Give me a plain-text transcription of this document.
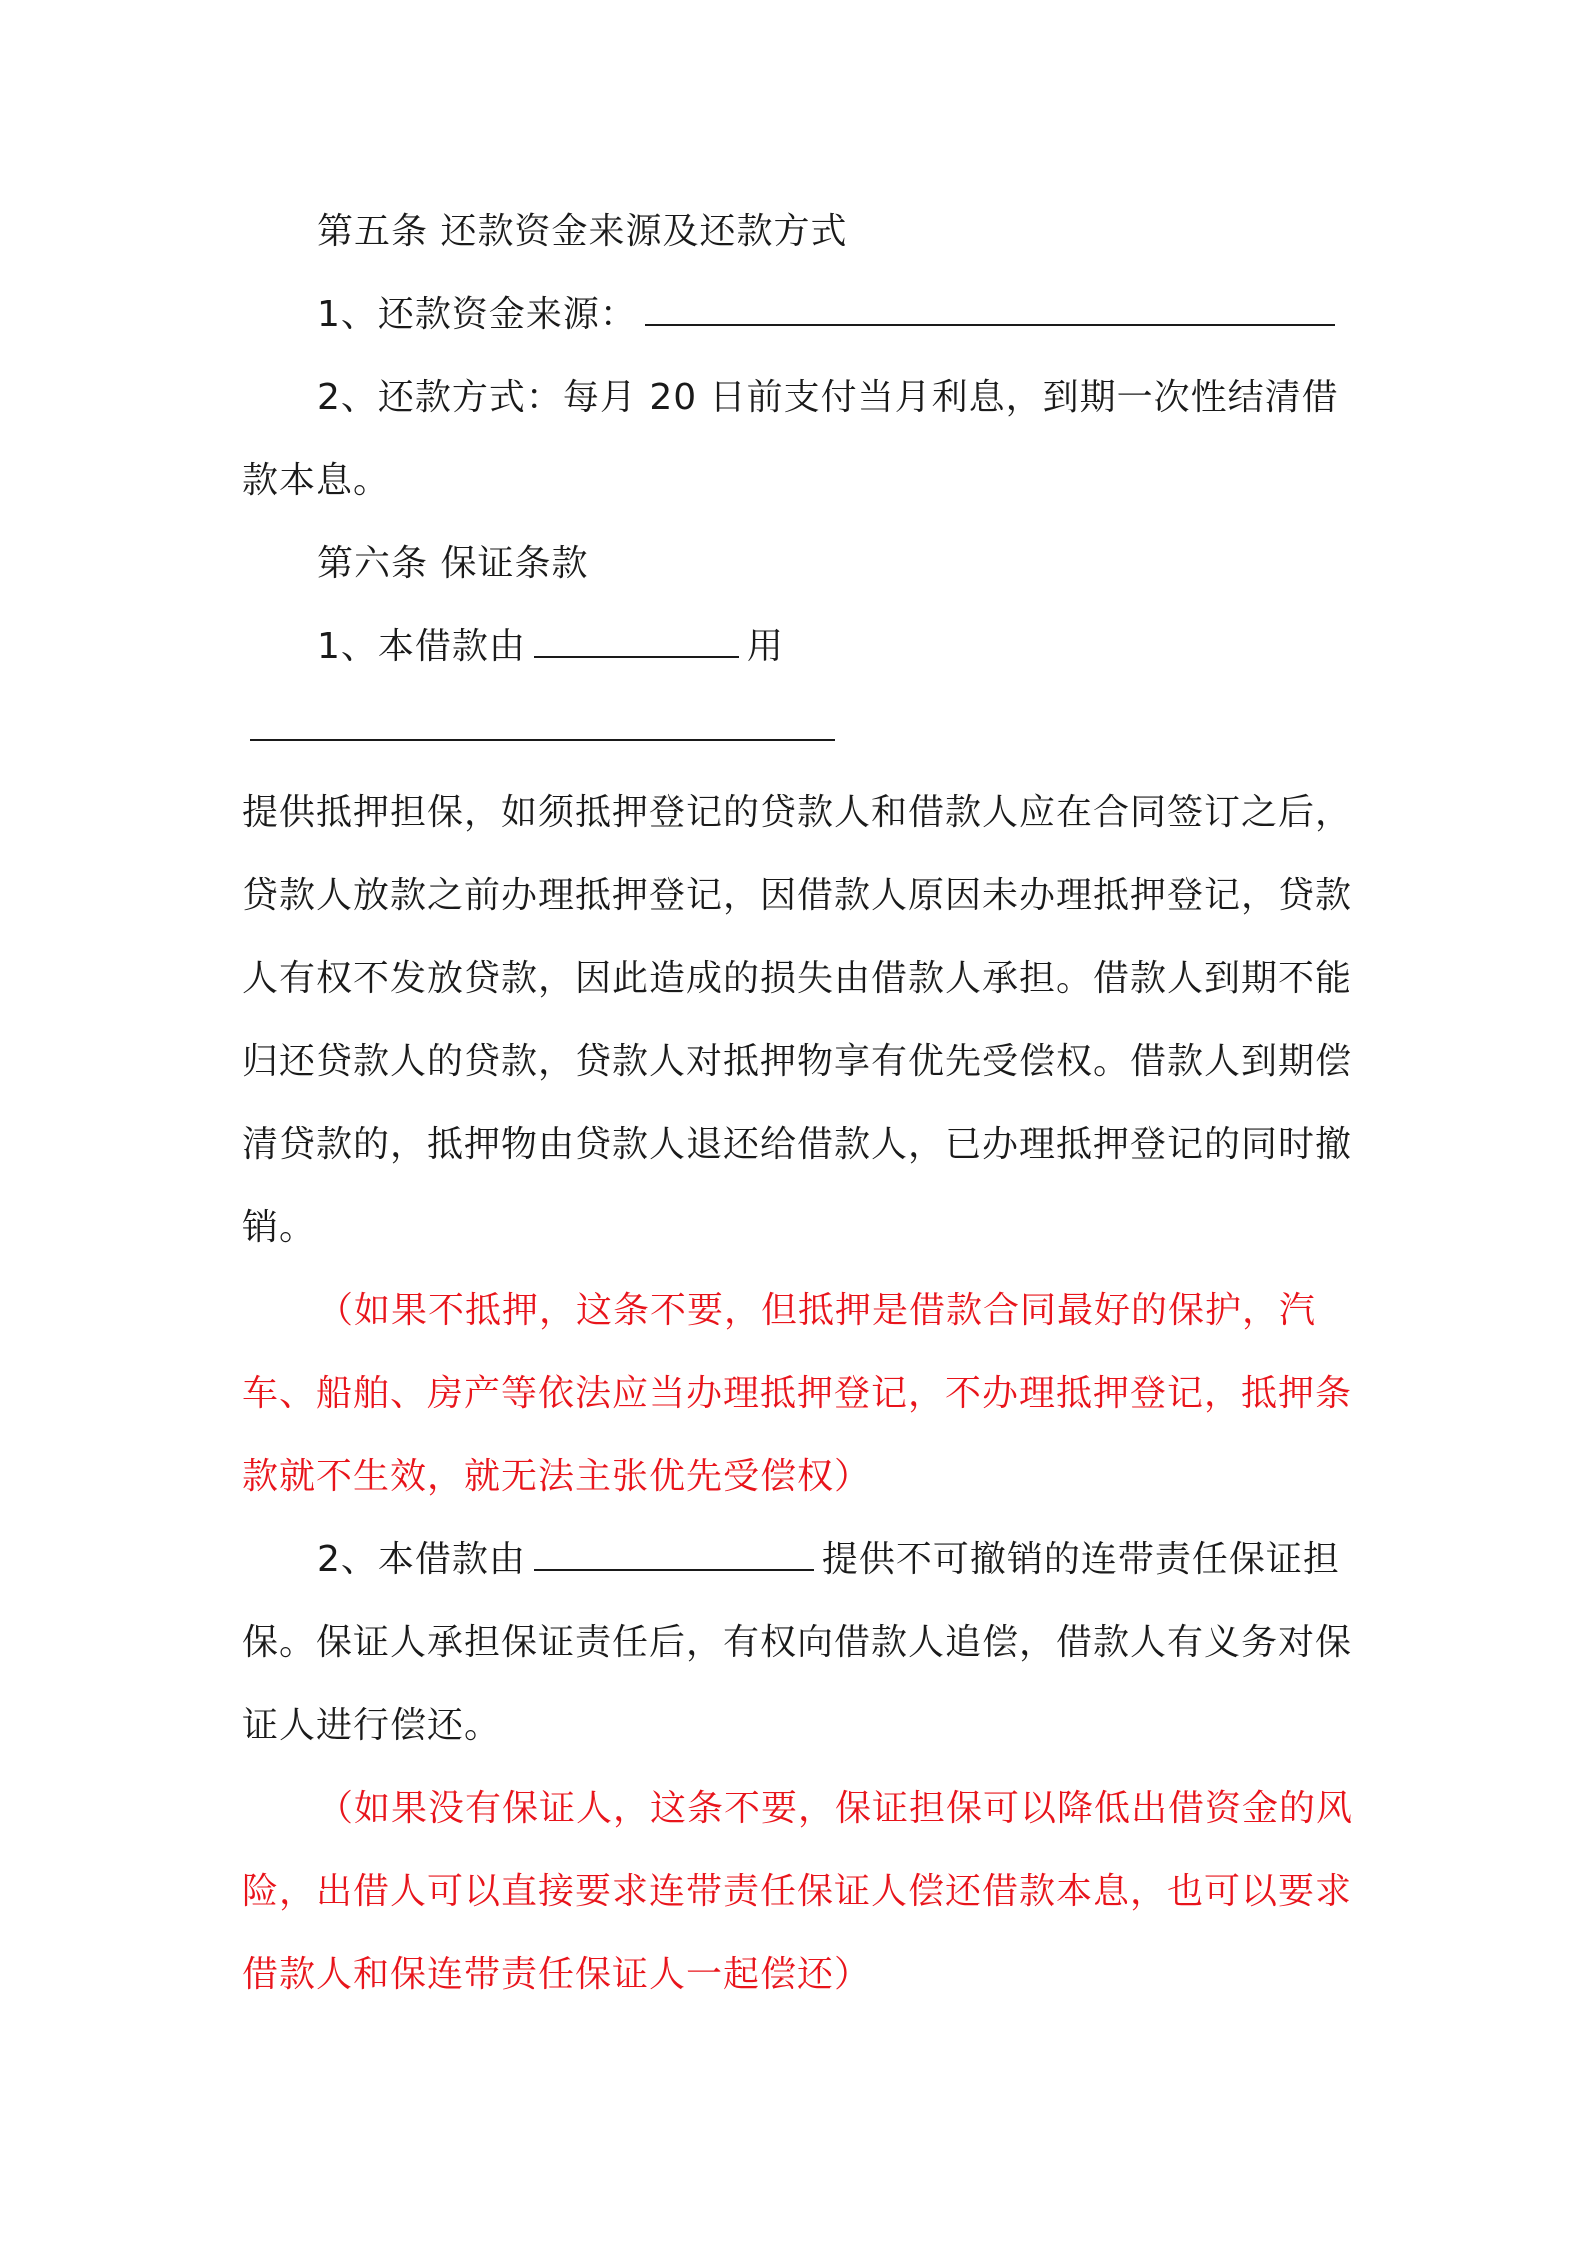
第五条 还款资金来源及还款方式

1、还款资金来源：

2、还款方式：每月 20 日前支付当月利息，到期一次性结清借款本息。

第六条 保证条款

1、本借款由	用

提供抵押担保，如须抵押登记的贷款人和借款人应在合同签订之后，贷款人放款之前办理抵押登记，因借款人原因未办理抵押登记，贷款人有权不发放贷款，因此造成的损失由借款人承担。借款人到期不能归还贷款人的贷款，贷款人对抵押物享有优先受偿权。借款人到期偿清贷款的，抵押物由贷款人退还给借款人，已办理抵押登记的同时撤销。

（如果不抵押，这条不要，但抵押是借款合同最好的保护，汽车、船舶、房产等依法应当办理抵押登记，不办理抵押登记，抵押条款就不生效，就无法主张优先受偿权）

2、本借款由	提供不可撤销的连带责任保证担保。保证人承担保证责任后，有权向借款人追偿，借款人有义务对保证人进行偿还。

（如果没有保证人，这条不要，保证担保可以降低出借资金的风险，出借人可以直接要求连带责任保证人偿还借款本息，也可以要求借款人和保连带责任保证人一起偿还）
